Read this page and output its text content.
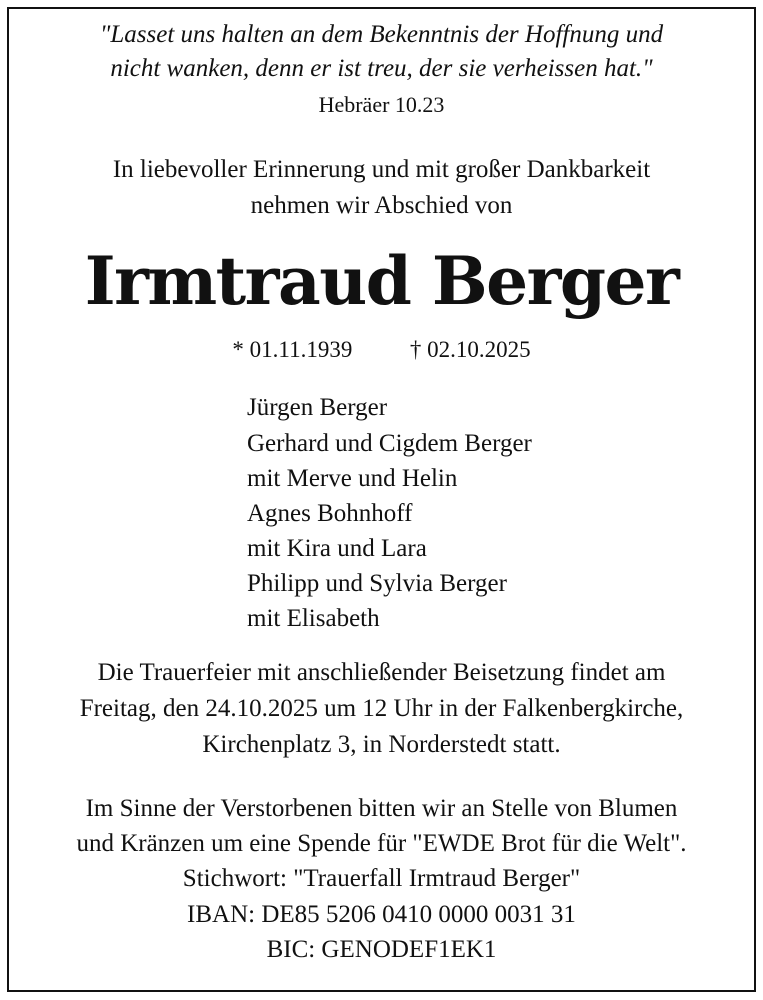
"Lasset uns halten an dem Bekenntnis der Hoffnung und
nicht wanken, denn er ist treu, der sie verheissen hat."
Hebräer 10.23
In liebevoller Erinnerung und mit großer Dankbarkeit
nehmen wir Abschied von
Irmtraud Berger
* 01.11.1939	† 02.10.2025
Jürgen Berger
Gerhard und Cigdem Berger
mit Merve und Helin
Agnes Bohnhoff
mit Kira und Lara
Philipp und Sylvia Berger
mit Elisabeth
Die Trauerfeier mit anschließender Beisetzung findet am
Freitag, den 24.10.2025 um 12 Uhr in der Falkenbergkirche,
Kirchenplatz 3, in Norderstedt statt.
Im Sinne der Verstorbenen bitten wir an Stelle von Blumen
und Kränzen um eine Spende für "EWDE Brot für die Welt".
Stichwort: "Trauerfall Irmtraud Berger"
IBAN: DE85 5206 0410 0000 0031 31
BIC: GENODEF1EK1
